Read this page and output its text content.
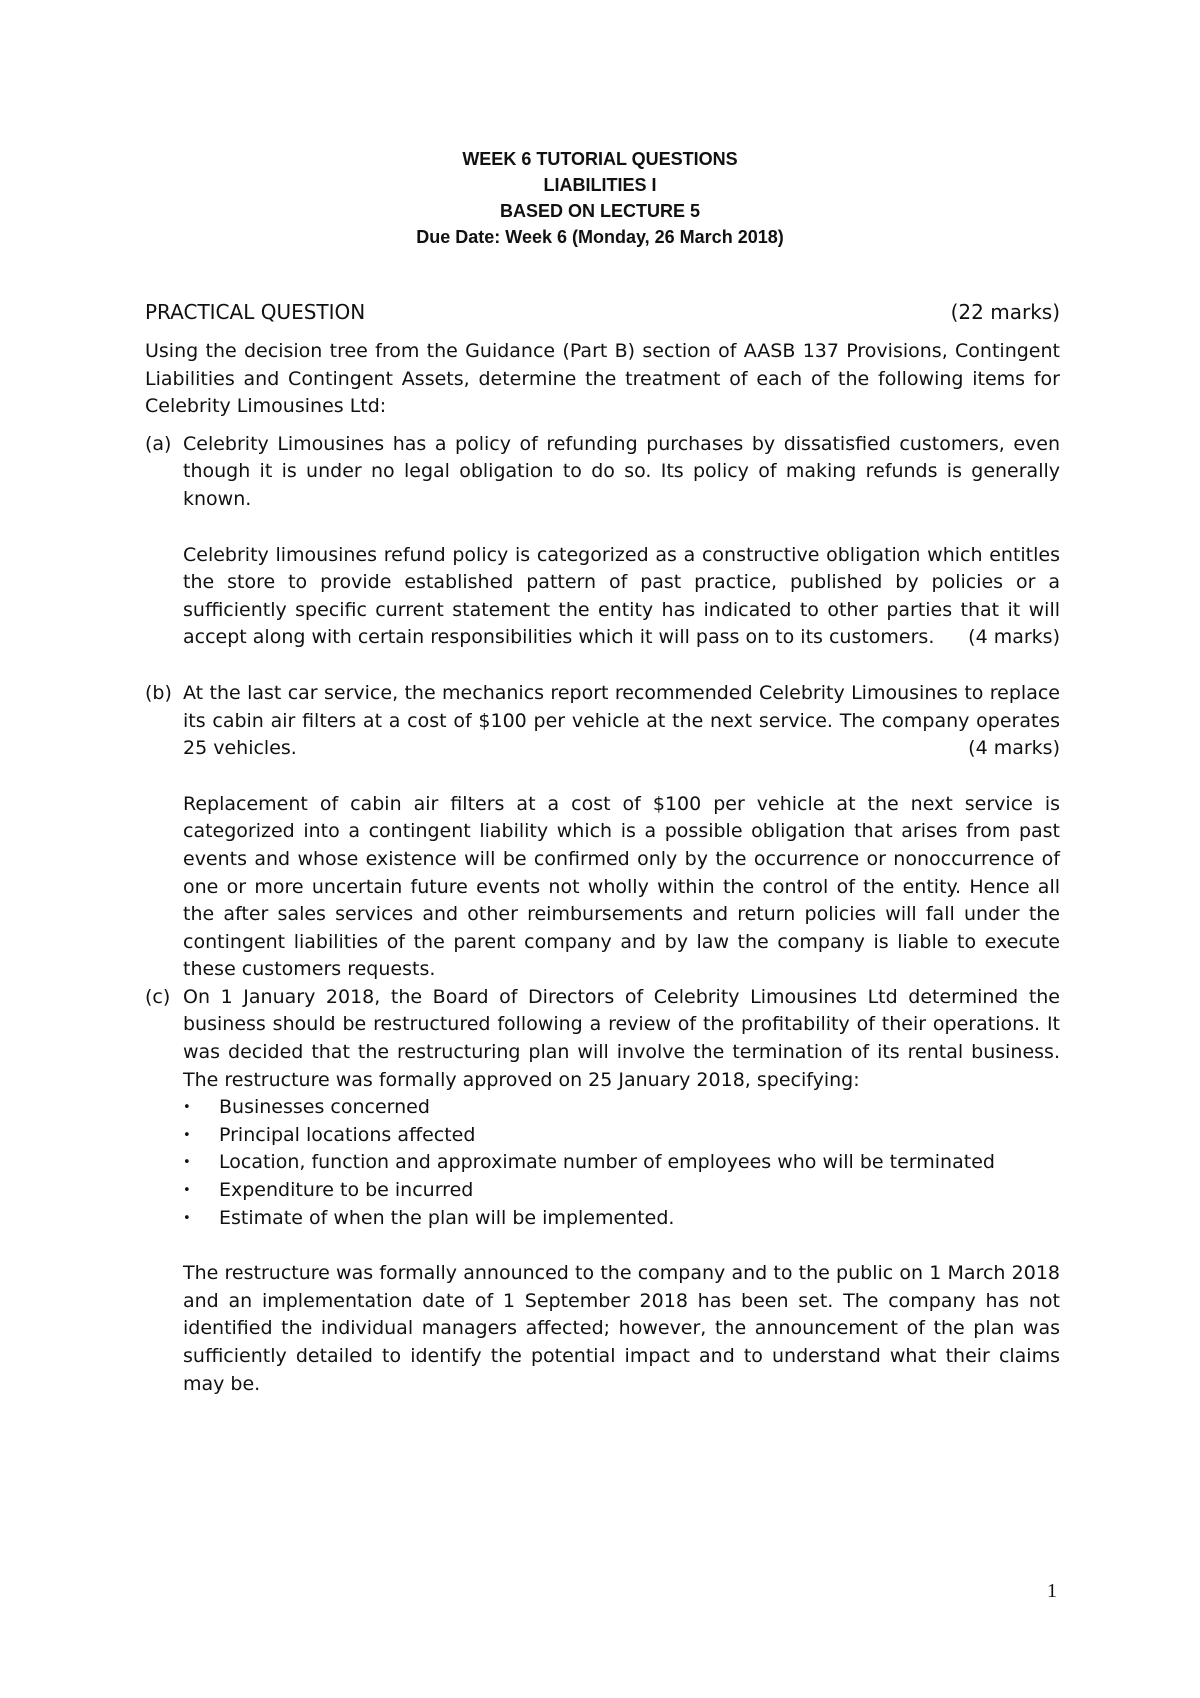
WEEK 6 TUTORIAL QUESTIONS
LIABILITIES I
BASED ON LECTURE 5
Due Date: Week 6 (Monday, 26 March 2018)
PRACTICAL QUESTION	(22 marks)

Using the decision tree from the Guidance (Part B) section of AASB 137 Provisions, Contingent Liabilities and Contingent Assets, determine the treatment of each of the following items for Celebrity Limousines Ltd:

(a) Celebrity Limousines has a policy of refunding purchases by dissatisfied customers, even though it is under no legal obligation to do so. Its policy of making refunds is generally known.

Celebrity limousines refund policy is categorized as a constructive obligation which entitles the store to provide established pattern of past practice, published by policies or a sufficiently specific current statement the entity has indicated to other parties that it will accept along with certain responsibilities which it will pass on to its customers. (4 marks)

(b) At the last car service, the mechanics report recommended Celebrity Limousines to replace its cabin air filters at a cost of $100 per vehicle at the next service. The company operates 25 vehicles.	(4 marks)

Replacement of cabin air filters at a cost of $100 per vehicle at the next service is categorized into a contingent liability which is a possible obligation that arises from past events and whose existence will be confirmed only by the occurrence or nonoccurrence of one or more uncertain future events not wholly within the control of the entity. Hence all the after sales services and other reimbursements and return policies will fall under the contingent liabilities of the parent company and by law the company is liable to execute these customers requests.

(c) On 1 January 2018, the Board of Directors of Celebrity Limousines Ltd determined the business should be restructured following a review of the profitability of their operations. It was decided that the restructuring plan will involve the termination of its rental business. The restructure was formally approved on 25 January 2018, specifying:

•	Businesses concerned
•	Principal locations affected
•	Location, function and approximate number of employees who will be terminated
•	Expenditure to be incurred
•	Estimate of when the plan will be implemented.

The restructure was formally announced to the company and to the public on 1 March 2018 and an implementation date of 1 September 2018 has been set. The company has not identified the individual managers affected; however, the announcement of the plan was sufficiently detailed to identify the potential impact and to understand what their claims may be.

1
